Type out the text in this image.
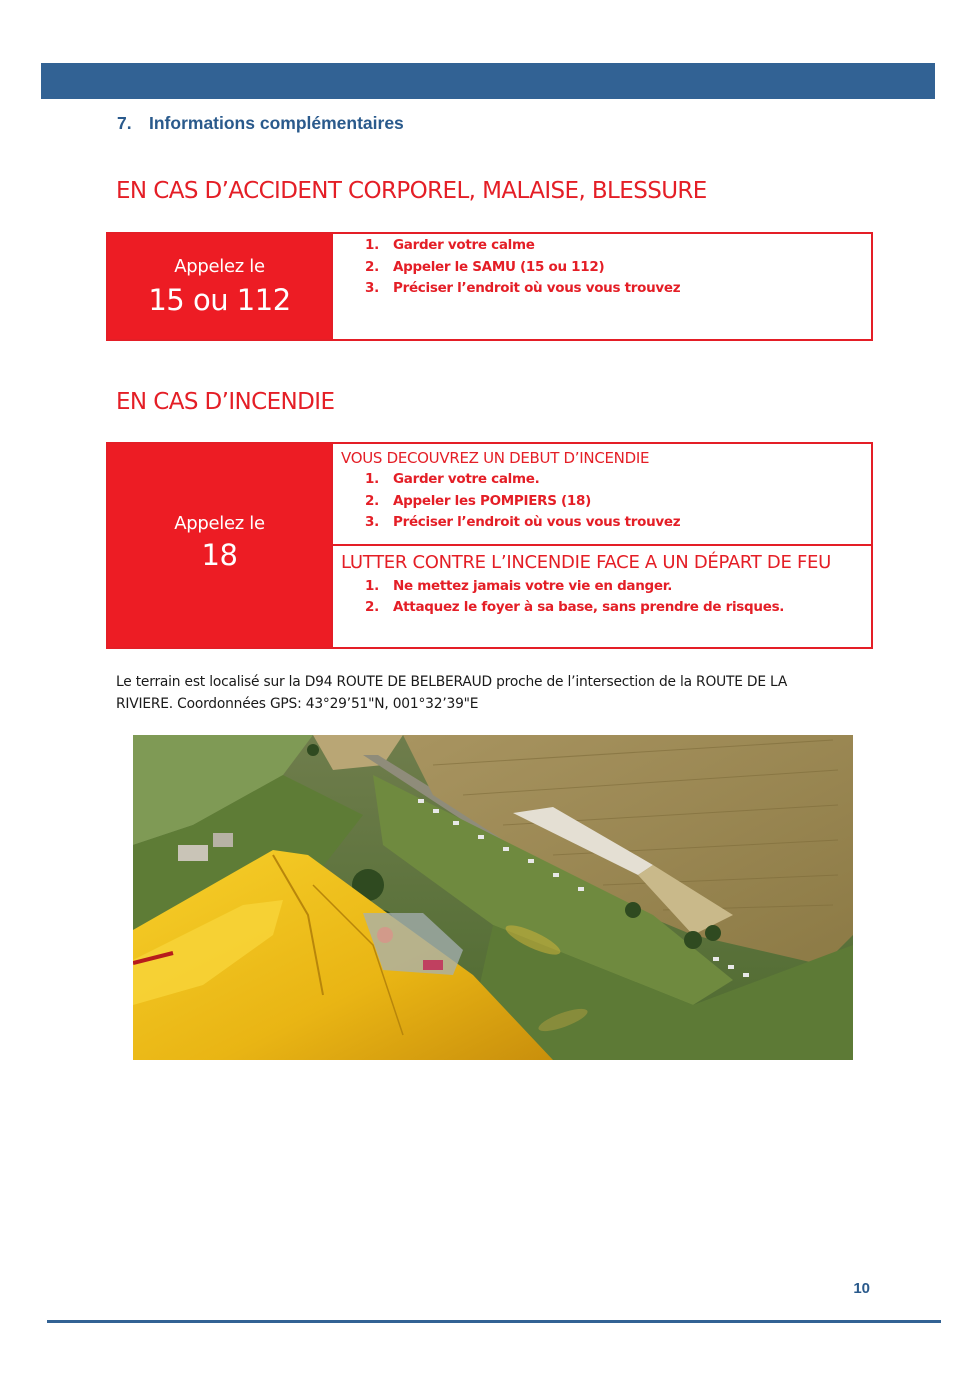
7. Informations complémentaires
EN CAS D’ACCIDENT CORPOREL, MALAISE, BLESSURE
Appelez le
15 ou 112
1. Garder votre calme
2. Appeler le SAMU (15 ou 112)
3. Préciser l’endroit où vous vous trouvez
EN CAS D’INCENDIE
Appelez le
18
VOUS DECOUVREZ UN DEBUT D’INCENDIE
1. Garder votre calme.
2. Appeler les POMPIERS (18)
3. Préciser l’endroit où vous vous trouvez
LUTTER CONTRE L’INCENDIE FACE A UN DÉPART DE FEU
1. Ne mettez jamais votre vie en danger.
2. Attaquez le foyer à sa base, sans prendre de risques.
Le terrain est localisé sur la D94 ROUTE DE BELBERAUD proche de l’intersection de la ROUTE DE LA RIVIERE. Coordonnées GPS: 43°29’51"N, 001°32’39"E
10
